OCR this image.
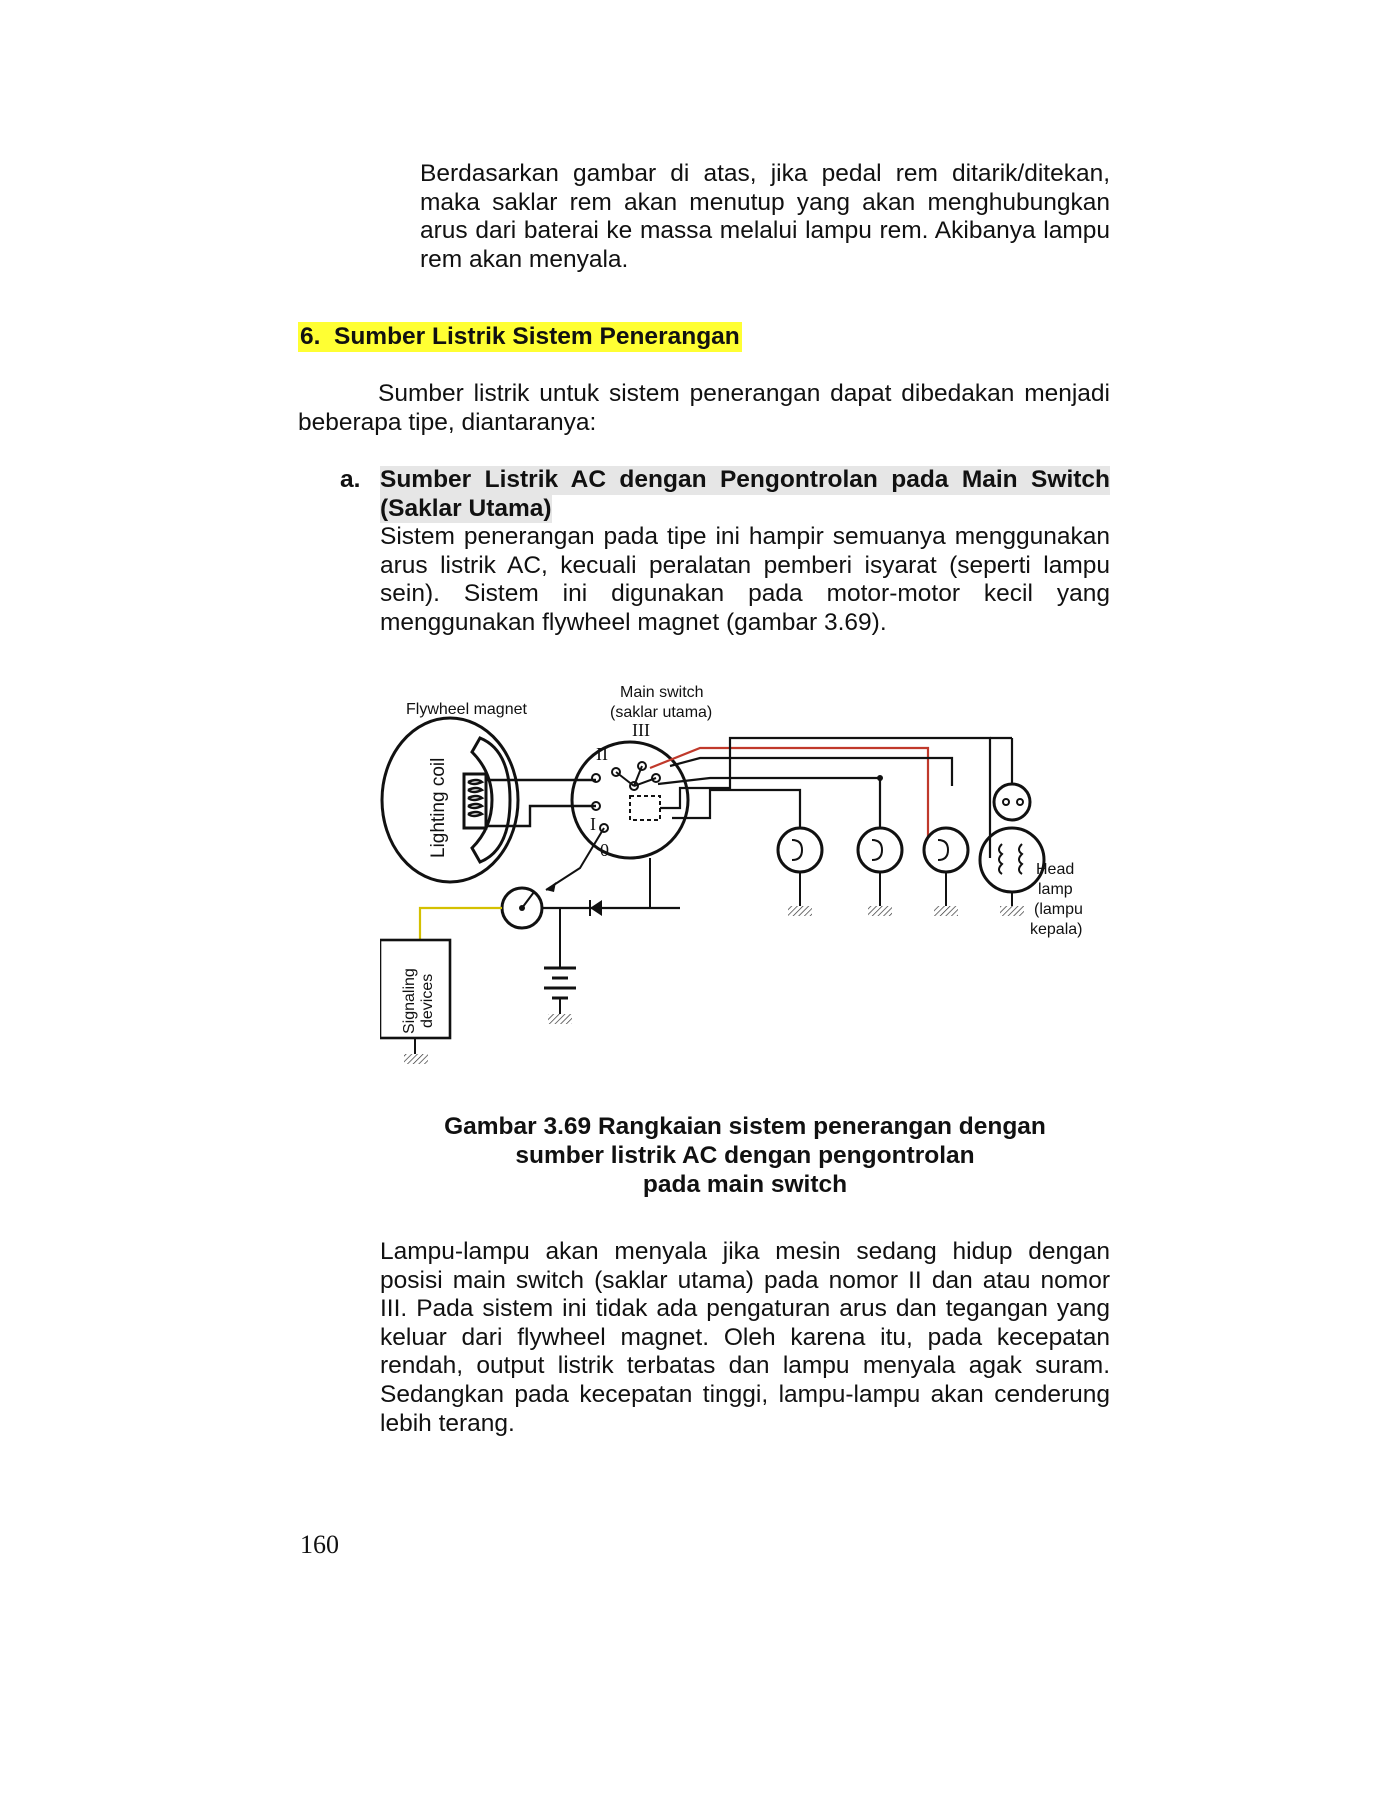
Berdasarkan gambar di atas, jika pedal rem ditarik/ditekan, maka saklar rem akan menutup yang akan menghubungkan arus dari baterai ke massa melalui lampu rem. Akibanya lampu rem akan menyala.

6. Sumber Listrik Sistem Penerangan

Sumber listrik untuk sistem penerangan dapat dibedakan menjadi beberapa tipe, diantaranya:

a. Sumber Listrik AC dengan Pengontrolan pada Main Switch
(Saklar Utama)

Sistem penerangan pada tipe ini hampir semuanya menggunakan arus listrik AC, kecuali peralatan pemberi isyarat (seperti lampu sein). Sistem ini digunakan pada motor-motor kecil yang menggunakan flywheel magnet (gambar 3.69).

Flywheel magnet
Main switch
(saklar utama)
III
II
I
0
Lighting coil
Head
lamp
(lampu
kepala)
Signaling devices
Gambar 3.69 Rangkaian sistem penerangan dengan
sumber listrik AC dengan pengontrolan
pada main switch

Lampu-lampu akan menyala jika mesin sedang hidup dengan posisi main switch (saklar utama) pada nomor II dan atau nomor III. Pada sistem ini tidak ada pengaturan arus dan tegangan yang keluar dari flywheel magnet. Oleh karena itu, pada kecepatan rendah, output listrik terbatas dan lampu menyala agak suram. Sedangkan pada kecepatan tinggi, lampu-lampu akan cenderung lebih terang.

160
